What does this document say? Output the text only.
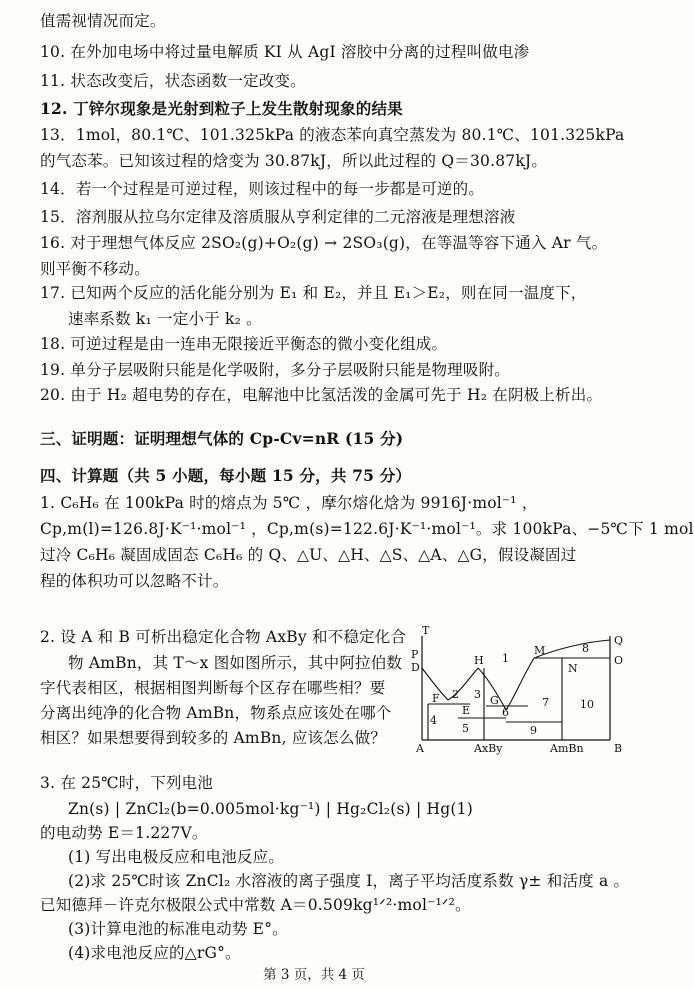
值需视情况而定。
10. 在外加电场中将过量电解质 KI 从 AgI 溶胶中分离的过程叫做电渗
11. 状态改变后，状态函数一定改变。
12. 丁锌尔现象是光射到粒子上发生散射现象的结果
13．1mol，80.1℃、101.325kPa 的液态苯向真空蒸发为 80.1℃、101.325kPa
的气态苯。已知该过程的焓变为 30.87kJ，所以此过程的 Q＝30.87kJ。
14．若一个过程是可逆过程，则该过程中的每一步都是可逆的。
15．溶剂服从拉乌尔定律及溶质服从亨利定律的二元溶液是理想溶液
16. 对于理想气体反应 2SO₂(g)+O₂(g) → 2SO₃(g)，在等温等容下通入 Ar 气。
则平衡不移动。
17. 已知两个反应的活化能分别为 E₁ 和 E₂，并且 E₁＞E₂，则在同一温度下，
速率系数 k₁ 一定小于 k₂ 。
18. 可逆过程是由一连串无限接近平衡态的微小变化组成。
19. 单分子层吸附只能是化学吸附，多分子层吸附只能是物理吸附。
20. 由于 H₂ 超电势的存在，电解池中比氢活泼的金属可先于 H₂ 在阴极上析出。
三、证明题：证明理想气体的 Cp-Cv=nR (15 分)
四、计算题（共 5 小题，每小题 15 分，共 75 分）
1. C₆H₆ 在 100kPa 时的熔点为 5℃ ，摩尔熔化焓为 9916J·mol⁻¹ ，
Cp,m(l)=126.8J·K⁻¹·mol⁻¹ ，Cp,m(s)=122.6J·K⁻¹·mol⁻¹。求 100kPa、−5℃下 1 mol
过冷 C₆H₆ 凝固成固态 C₆H₆ 的 Q、△U、△H、△S、△A、△G，假设凝固过
程的体积功可以忽略不计。
2. 设 A 和 B 可析出稳定化合物 AxBy 和不稳定化合
物 AmBn，其 T～x 图如图所示，其中阿拉伯数
字代表相区，根据相图判断每个区存在哪些相？要
分离出纯净的化合物 AmBn，物系点应该处在哪个
相区？如果想要得到较多的 AmBn, 应该怎么做？
T
D
P
Q
O
H
M
N
F
E
G
A	B
AxBy	AmBn
1
2 3
4
5
6
7
8
9
10
3. 在 25℃时，下列电池
Zn(s) | ZnCl₂(b=0.005mol·kg⁻¹) | Hg₂Cl₂(s) | Hg(1)
的电动势 E＝1.227V。
(1) 写出电极反应和电池反应。
(2)求 25℃时该 ZnCl₂ 水溶液的离子强度 I，离子平均活度系数 γ± 和活度 a 。
已知德拜－许克尔极限公式中常数 A＝0.509kg¹ᐟ²·mol⁻¹ᐟ²。
(3)计算电池的标准电动势 E°。
(4)求电池反应的△rG°。
第 3 页，共 4 页
